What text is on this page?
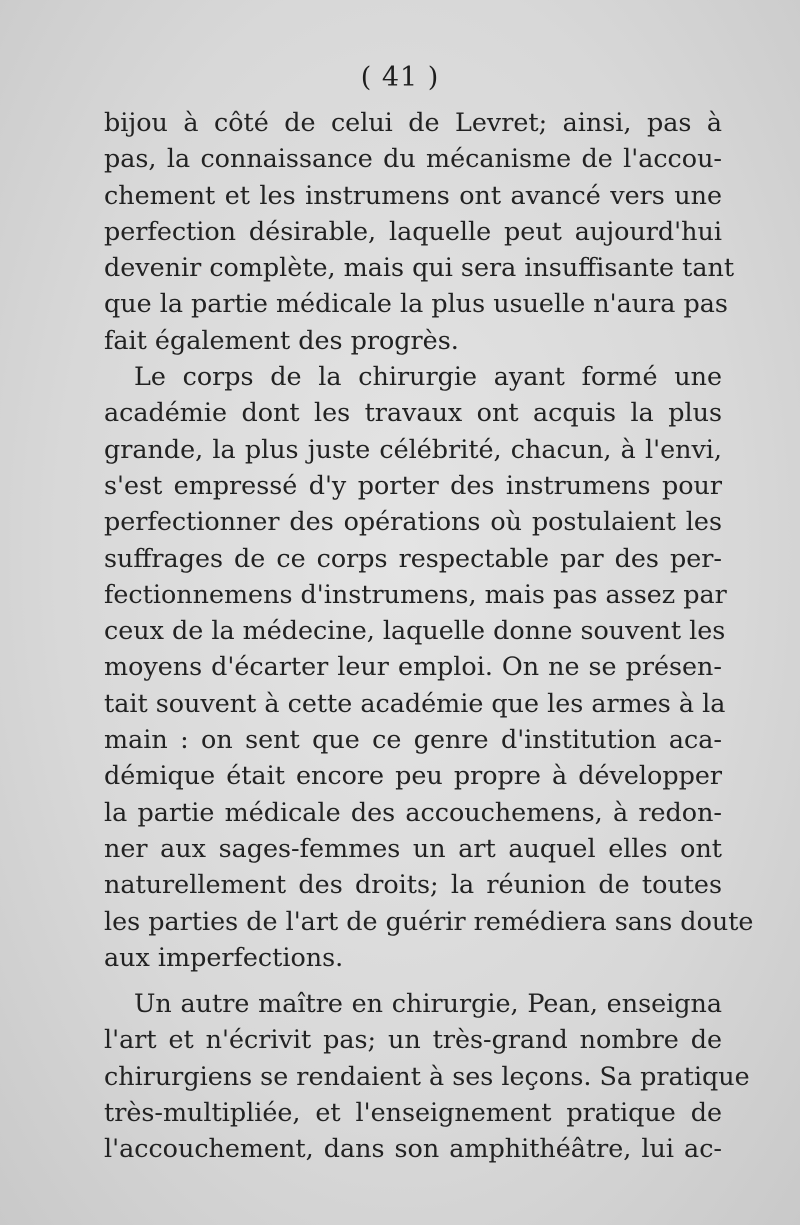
( 41 )
bijou à côté de celui de Levret; ainsi, pas à
pas, la connaissance du mécanisme de l'accou-
chement et les instrumens ont avancé vers une
perfection désirable, laquelle peut aujourd'hui
devenir complète, mais qui sera insuffisante tant
que la partie médicale la plus usuelle n'aura pas
fait également des progrès.
Le corps de la chirurgie ayant formé une
académie dont les travaux ont acquis la plus
grande, la plus juste célébrité, chacun, à l'envi,
s'est empressé d'y porter des instrumens pour
perfectionner des opérations où postulaient les
suffrages de ce corps respectable par des per-
fectionnemens d'instrumens, mais pas assez par
ceux de la médecine, laquelle donne souvent les
moyens d'écarter leur emploi. On ne se présen-
tait souvent à cette académie que les armes à la
main : on sent que ce genre d'institution aca-
démique était encore peu propre à développer
la partie médicale des accouchemens, à redon-
ner aux sages-femmes un art auquel elles ont
naturellement des droits; la réunion de toutes
les parties de l'art de guérir remédiera sans doute
aux imperfections.
Un autre maître en chirurgie, Pean, enseigna
l'art et n'écrivit pas; un très-grand nombre de
chirurgiens se rendaient à ses leçons. Sa pratique
très-multipliée, et l'enseignement pratique de
l'accouchement, dans son amphithéâtre, lui ac-
